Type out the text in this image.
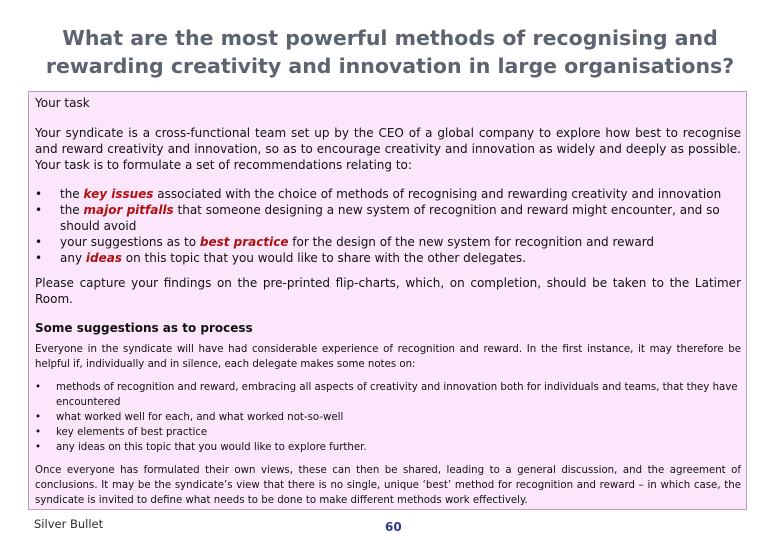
What are the most powerful methods of recognising and
rewarding creativity and innovation in large organisations?

Your task

Your syndicate is a cross-functional team set up by the CEO of a global company to explore how best to recognise and reward creativity and innovation, so as to encourage creativity and innovation as widely and deeply as possible. Your task is to formulate a set of recommendations relating to:

• the key issues associated with the choice of methods of recognising and rewarding creativity and innovation
• the major pitfalls that someone designing a new system of recognition and reward might encounter, and so should avoid
• your suggestions as to best practice for the design of the new system for recognition and reward
• any ideas on this topic that you would like to share with the other delegates.

Please capture your findings on the pre-printed flip-charts, which, on completion, should be taken to the Latimer Room.

Some suggestions as to process

Everyone in the syndicate will have had considerable experience of recognition and reward. In the first instance, it may therefore be helpful if, individually and in silence, each delegate makes some notes on:

• methods of recognition and reward, embracing all aspects of creativity and innovation both for individuals and teams, that they have encountered
• what worked well for each, and what worked not-so-well
• key elements of best practice
• any ideas on this topic that you would like to explore further.

Once everyone has formulated their own views, these can then be shared, leading to a general discussion, and the agreement of conclusions. It may be the syndicate’s view that there is no single, unique ‘best’ method for recognition and reward – in which case, the syndicate is invited to define what needs to be done to make different methods work effectively.

Silver Bullet	60
